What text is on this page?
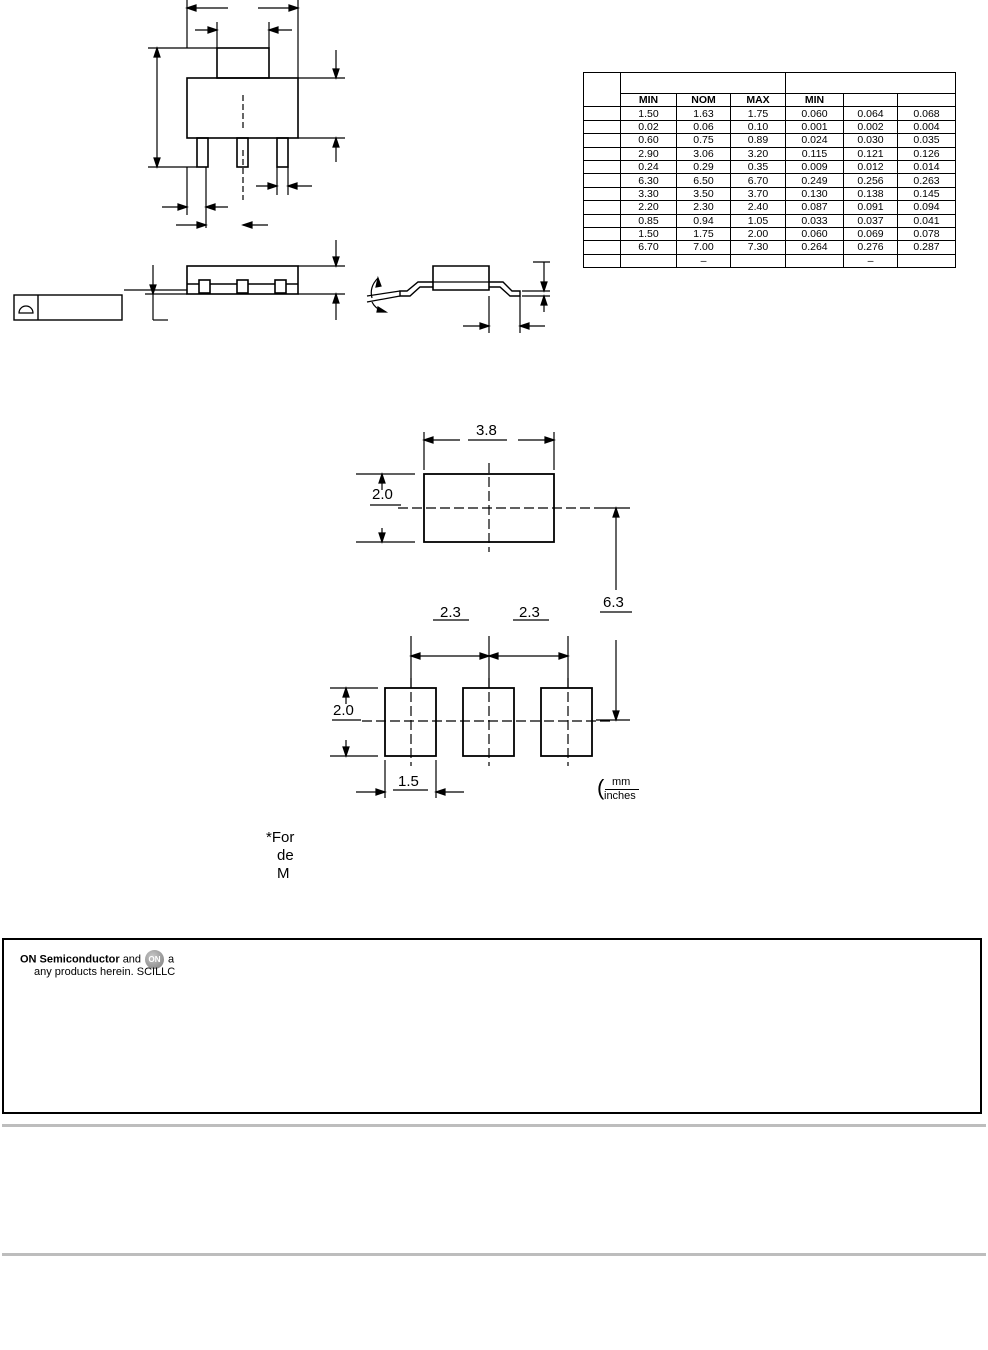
	MIN	NOM	MAX	MIN		
	1.50	1.63	1.75	0.060	0.064	0.068
	0.02	0.06	0.10	0.001	0.002	0.004
	0.60	0.75	0.89	0.024	0.030	0.035
	2.90	3.06	3.20	0.115	0.121	0.126
	0.24	0.29	0.35	0.009	0.012	0.014
	6.30	6.50	6.70	0.249	0.256	0.263
	3.30	3.50	3.70	0.130	0.138	0.145
	2.20	2.30	2.40	0.087	0.091	0.094
	0.85	0.94	1.05	0.033	0.037	0.041
	1.50	1.75	2.00	0.060	0.069	0.078
	6.70	7.00	7.30	0.264	0.276	0.287
		–			–	
3.8
2.0
6.3
2.3	2.3
2.0
1.5	( mm
inches
*For
de
M
ON Semiconductor and ON a
any products herein. SCILLC
